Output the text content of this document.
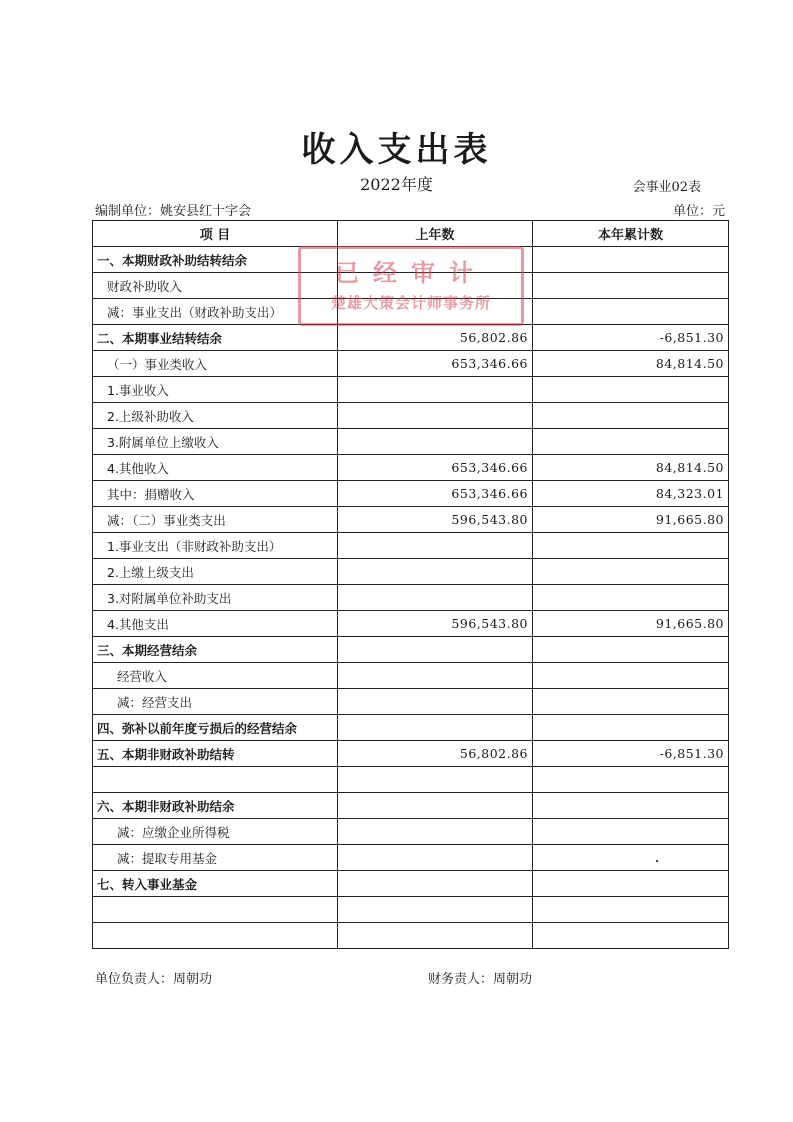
收入支出表
2022年度	会事业02表
编制单位：姚安县红十字会	单位：元
项 目	上年数	本年累计数
一、本期财政补助结转结余		
财政补助收入		
减：事业支出（财政补助支出）		
二、本期事业结转结余	56,802.86	-6,851.30
（一）事业类收入	653,346.66	84,814.50
1.事业收入		
2.上级补助收入		
3.附属单位上缴收入		
4.其他收入	653,346.66	84,814.50
其中：捐赠收入	653,346.66	84,323.01
减：（二）事业类支出	596,543.80	91,665.80
1.事业支出（非财政补助支出）		
2.上缴上级支出		
3.对附属单位补助支出		
4.其他支出	596,543.80	91,665.80
三、本期经营结余		
经营收入		
减：经营支出		
四、弥补以前年度亏损后的经营结余		
五、本期非财政补助结转	56,802.86	-6,851.30

六、本期非财政补助结余		
减：应缴企业所得税		
减：提取专用基金		
七、转入事业基金		

已经审计
楚雄大策会计师事务所
单位负责人：周朝功	财务责人：周朝功
